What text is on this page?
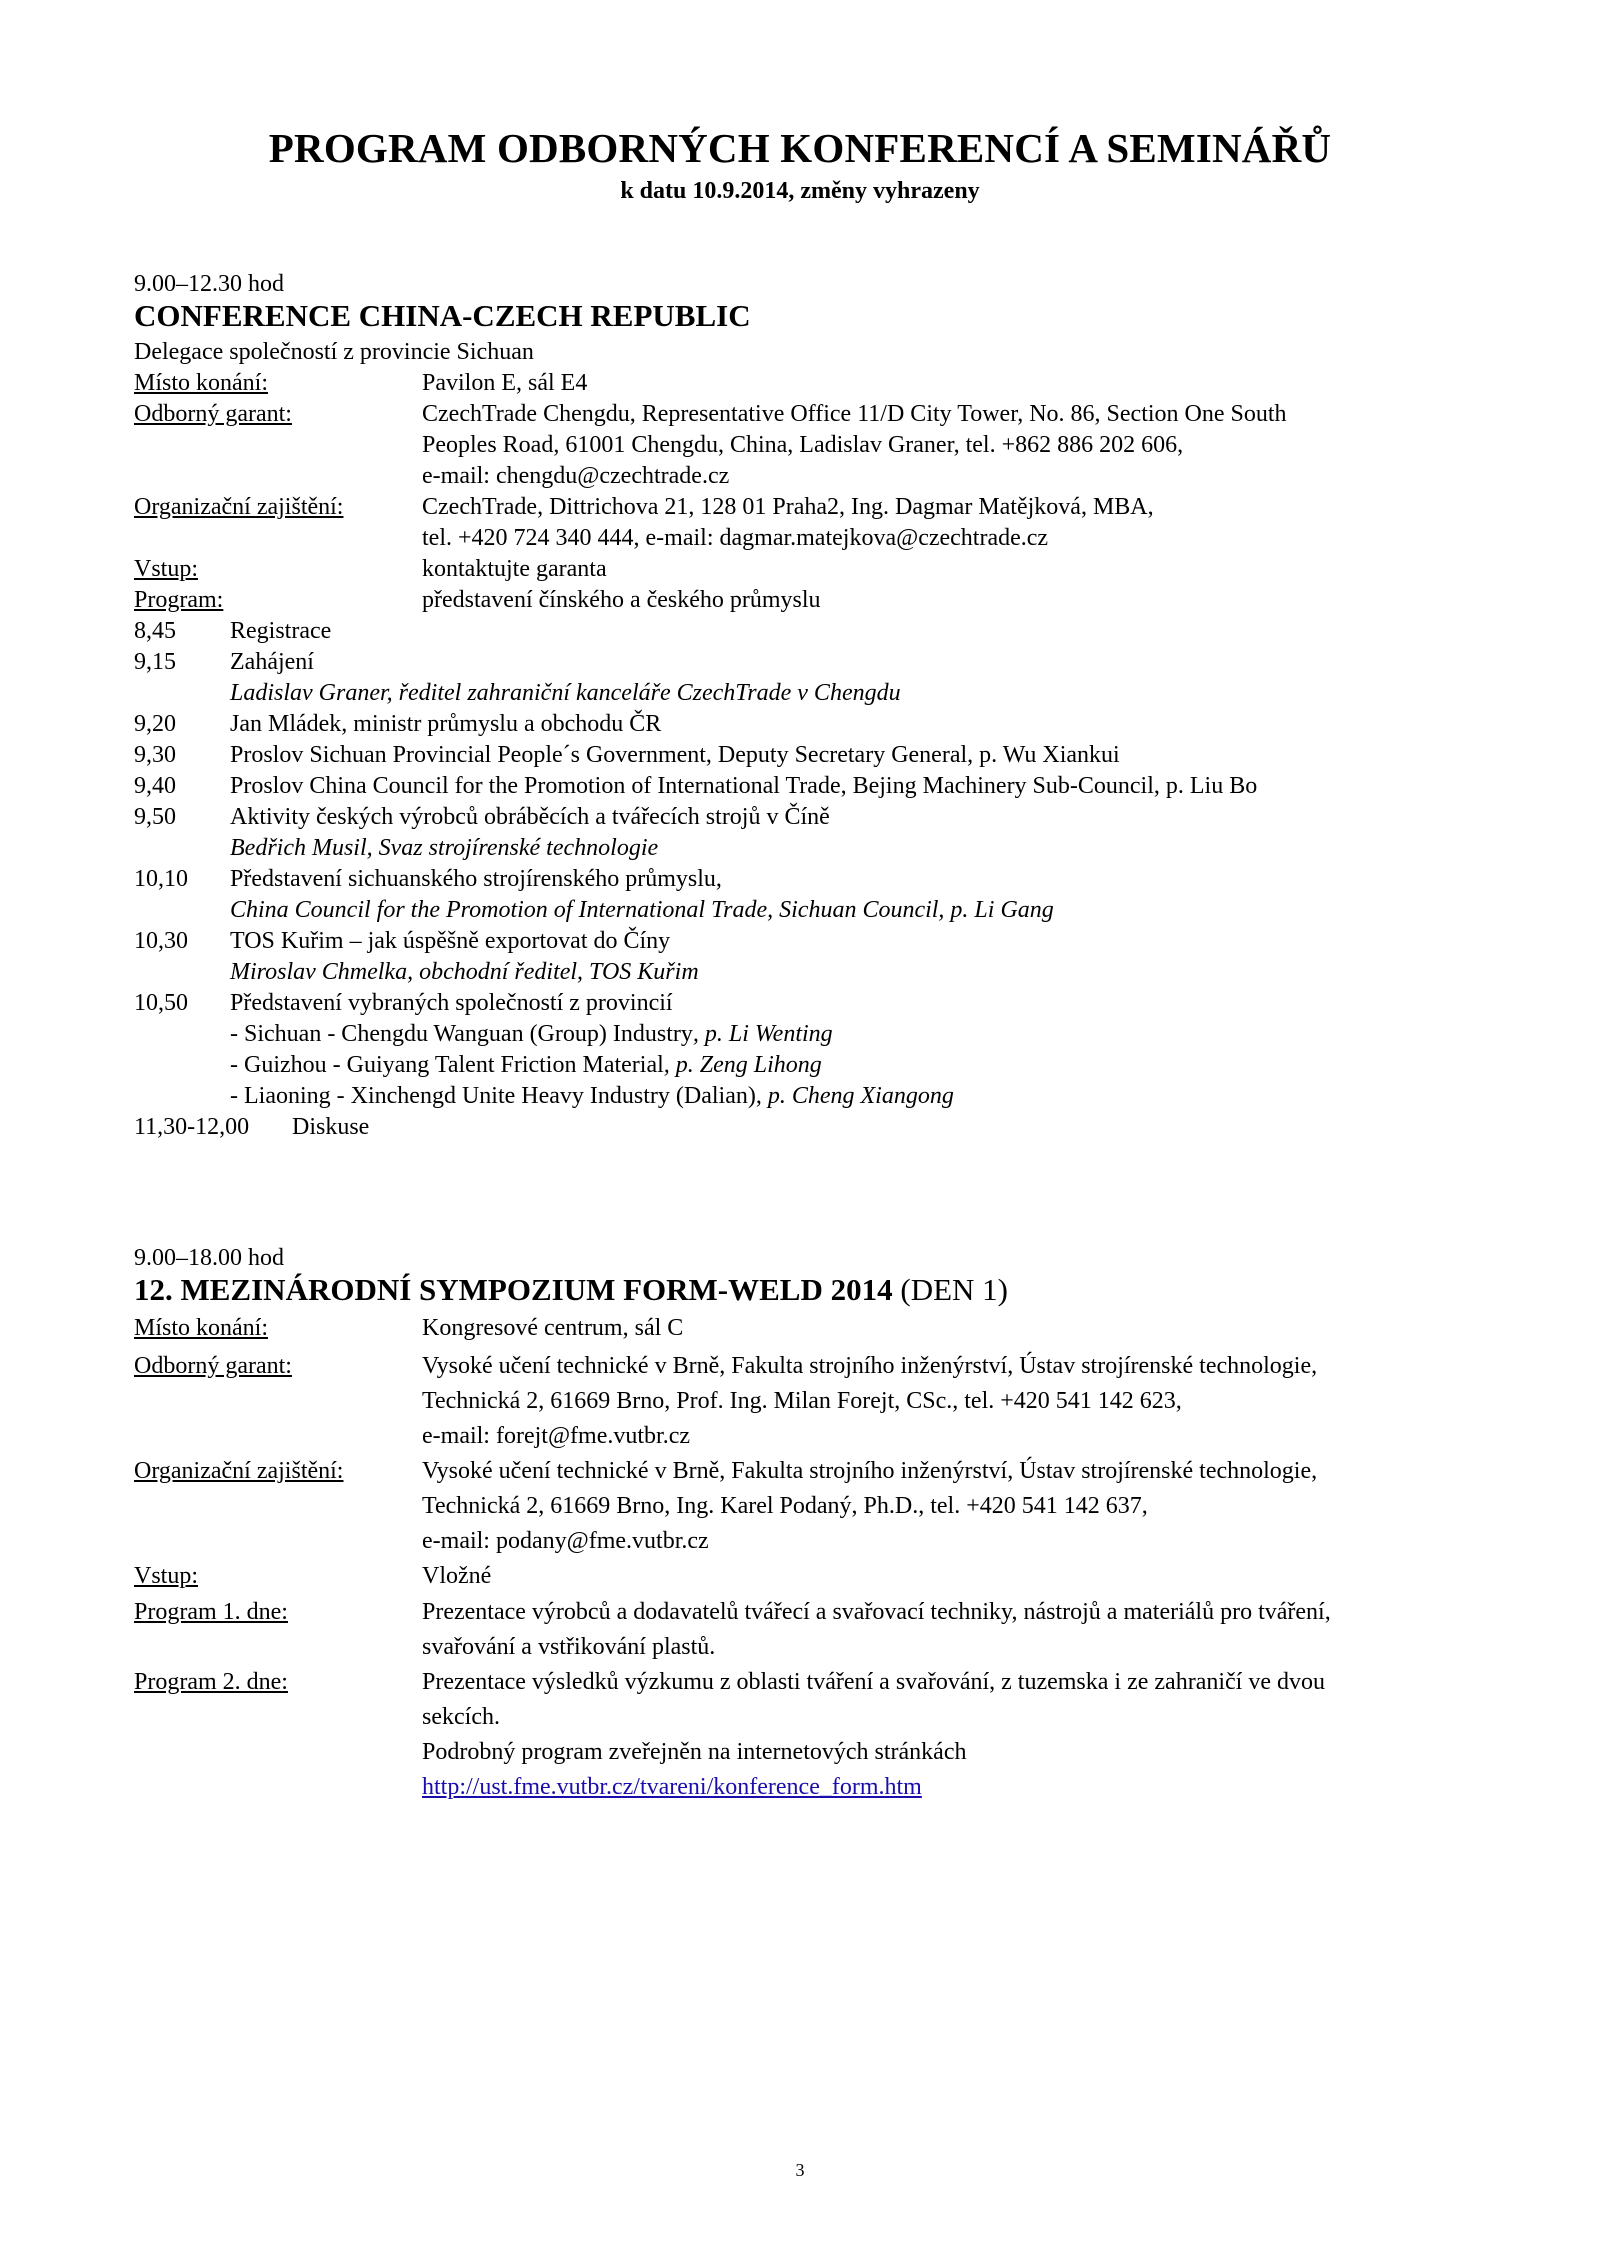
PROGRAM ODBORNÝCH KONFERENCÍ A SEMINÁŘŮ
k datu 10.9.2014, změny vyhrazeny
9.00–12.30 hod
CONFERENCE CHINA-CZECH REPUBLIC
Delegace společností z provincie Sichuan
Místo konání:	Pavilon E, sál E4
Odborný garant:	CzechTrade Chengdu, Representative Office 11/D City Tower, No. 86, Section One South
Peoples Road, 61001 Chengdu, China, Ladislav Graner, tel. +862 886 202 606,
e-mail: chengdu@czechtrade.cz
Organizační zajištění:	CzechTrade, Dittrichova 21, 128 01 Praha2, Ing. Dagmar Matějková, MBA,
tel. +420 724 340 444, e-mail: dagmar.matejkova@czechtrade.cz
Vstup:	kontaktujte garanta
Program:	představení čínského a českého průmyslu
8,45 Registrace
9,15 Zahájení
Ladislav Graner, ředitel zahraniční kanceláře CzechTrade v Chengdu
9,20 Jan Mládek, ministr průmyslu a obchodu ČR
9,30 Proslov Sichuan Provincial People´s Government, Deputy Secretary General, p. Wu Xiankui
9,40 Proslov China Council for the Promotion of International Trade, Bejing Machinery Sub-Council, p. Liu Bo
9,50 Aktivity českých výrobců obráběcích a tvářecích strojů v Číně
Bedřich Musil, Svaz strojírenské technologie
10,10 Představení sichuanského strojírenského průmyslu,
China Council for the Promotion of International Trade, Sichuan Council, p. Li Gang
10,30 TOS Kuřim – jak úspěšně exportovat do Číny
Miroslav Chmelka, obchodní ředitel, TOS Kuřim
10,50 Představení vybraných společností z provincií
- Sichuan - Chengdu Wanguan (Group) Industry, p. Li Wenting
- Guizhou - Guiyang Talent Friction Material, p. Zeng Lihong
- Liaoning - Xinchengd Unite Heavy Industry (Dalian), p. Cheng Xiangong
11,30-12,00 Diskuse
9.00–18.00 hod
12. MEZINÁRODNÍ SYMPOZIUM FORM-WELD 2014 (DEN 1)
Místo konání:	Kongresové centrum, sál C
Odborný garant:	Vysoké učení technické v Brně, Fakulta strojního inženýrství, Ústav strojírenské technologie,
Technická 2, 61669 Brno, Prof. Ing. Milan Forejt, CSc., tel. +420 541 142 623,
e-mail: forejt@fme.vutbr.cz
Organizační zajištění:	Vysoké učení technické v Brně, Fakulta strojního inženýrství, Ústav strojírenské technologie,
Technická 2, 61669 Brno, Ing. Karel Podaný, Ph.D., tel. +420 541 142 637,
e-mail: podany@fme.vutbr.cz
Vstup:	Vložné
Program 1. dne:	Prezentace výrobců a dodavatelů tvářecí a svařovací techniky, nástrojů a materiálů pro tváření,
svařování a vstřikování plastů.
Program 2. dne:	Prezentace výsledků výzkumu z oblasti tváření a svařování, z tuzemska i ze zahraničí ve dvou
sekcích.
Podrobný program zveřejněn na internetových stránkách
http://ust.fme.vutbr.cz/tvareni/konference_form.htm
3
